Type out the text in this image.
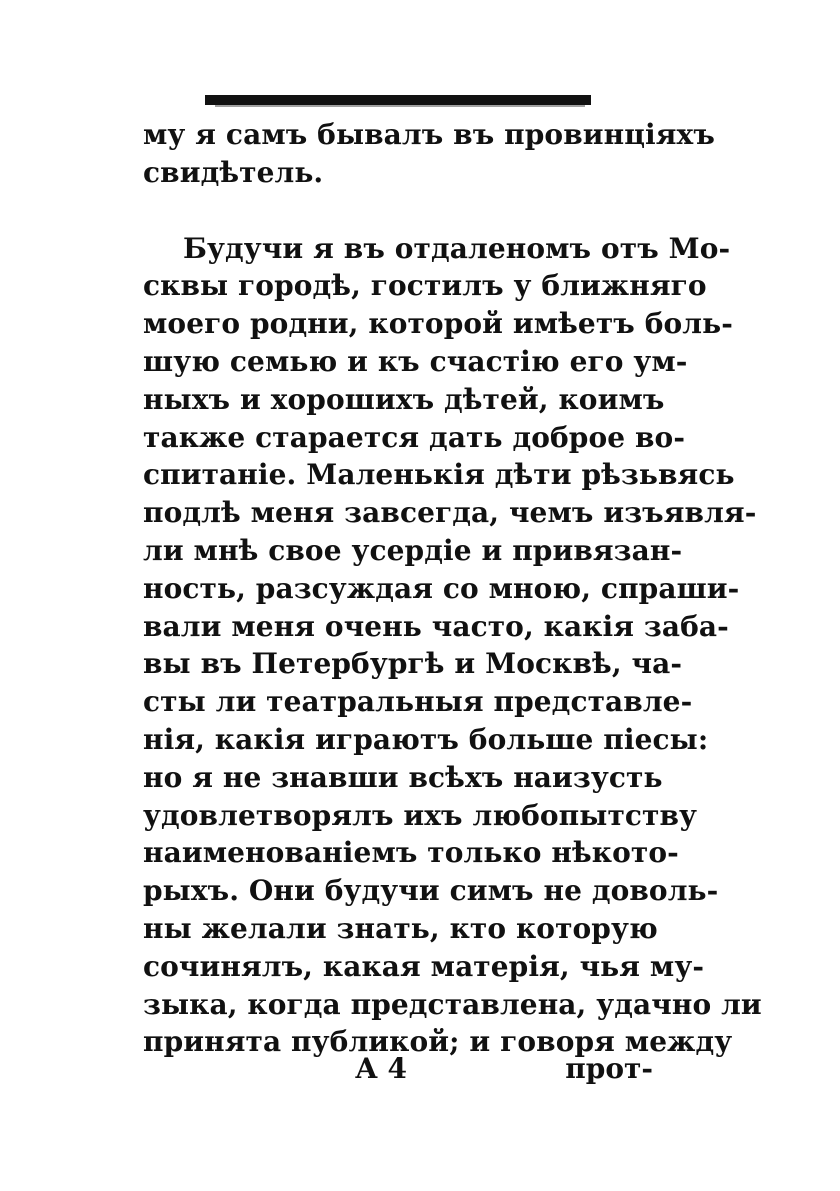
му я самъ бывалъ въ провинціяхъ
свидѣтель.
Будучи я въ отдаленомъ отъ Мо-
сквы городѣ, гостилъ у ближняго
моего родни, которой имѣетъ боль-
шую семью и къ счастію его ум-
ныхъ и хорошихъ дѣтей, коимъ
также старается дать доброе во-
спитаніе. Маленькія дѣти рѣзьвясь
подлѣ меня завсегда, чемъ изъявля-
ли мнѣ свое усердіе и привязан-
ность, разсуждая со мною, спраши-
вали меня очень часто, какія заба-
вы въ Петербургѣ и Москвѣ, ча-
сты ли театральныя представле-
нія, какія играютъ больше піесы:
но я не знавши всѣхъ наизусть
удовлетворялъ ихъ любопытству
наименованіемъ только нѣкото-
рыхъ. Они будучи симъ не доволь-
ны желали знать, кто которую
сочинялъ, какая матерія, чья му-
зыка, когда представлена, удачно ли
принята публикой; и говоря между
А 4	прот-
